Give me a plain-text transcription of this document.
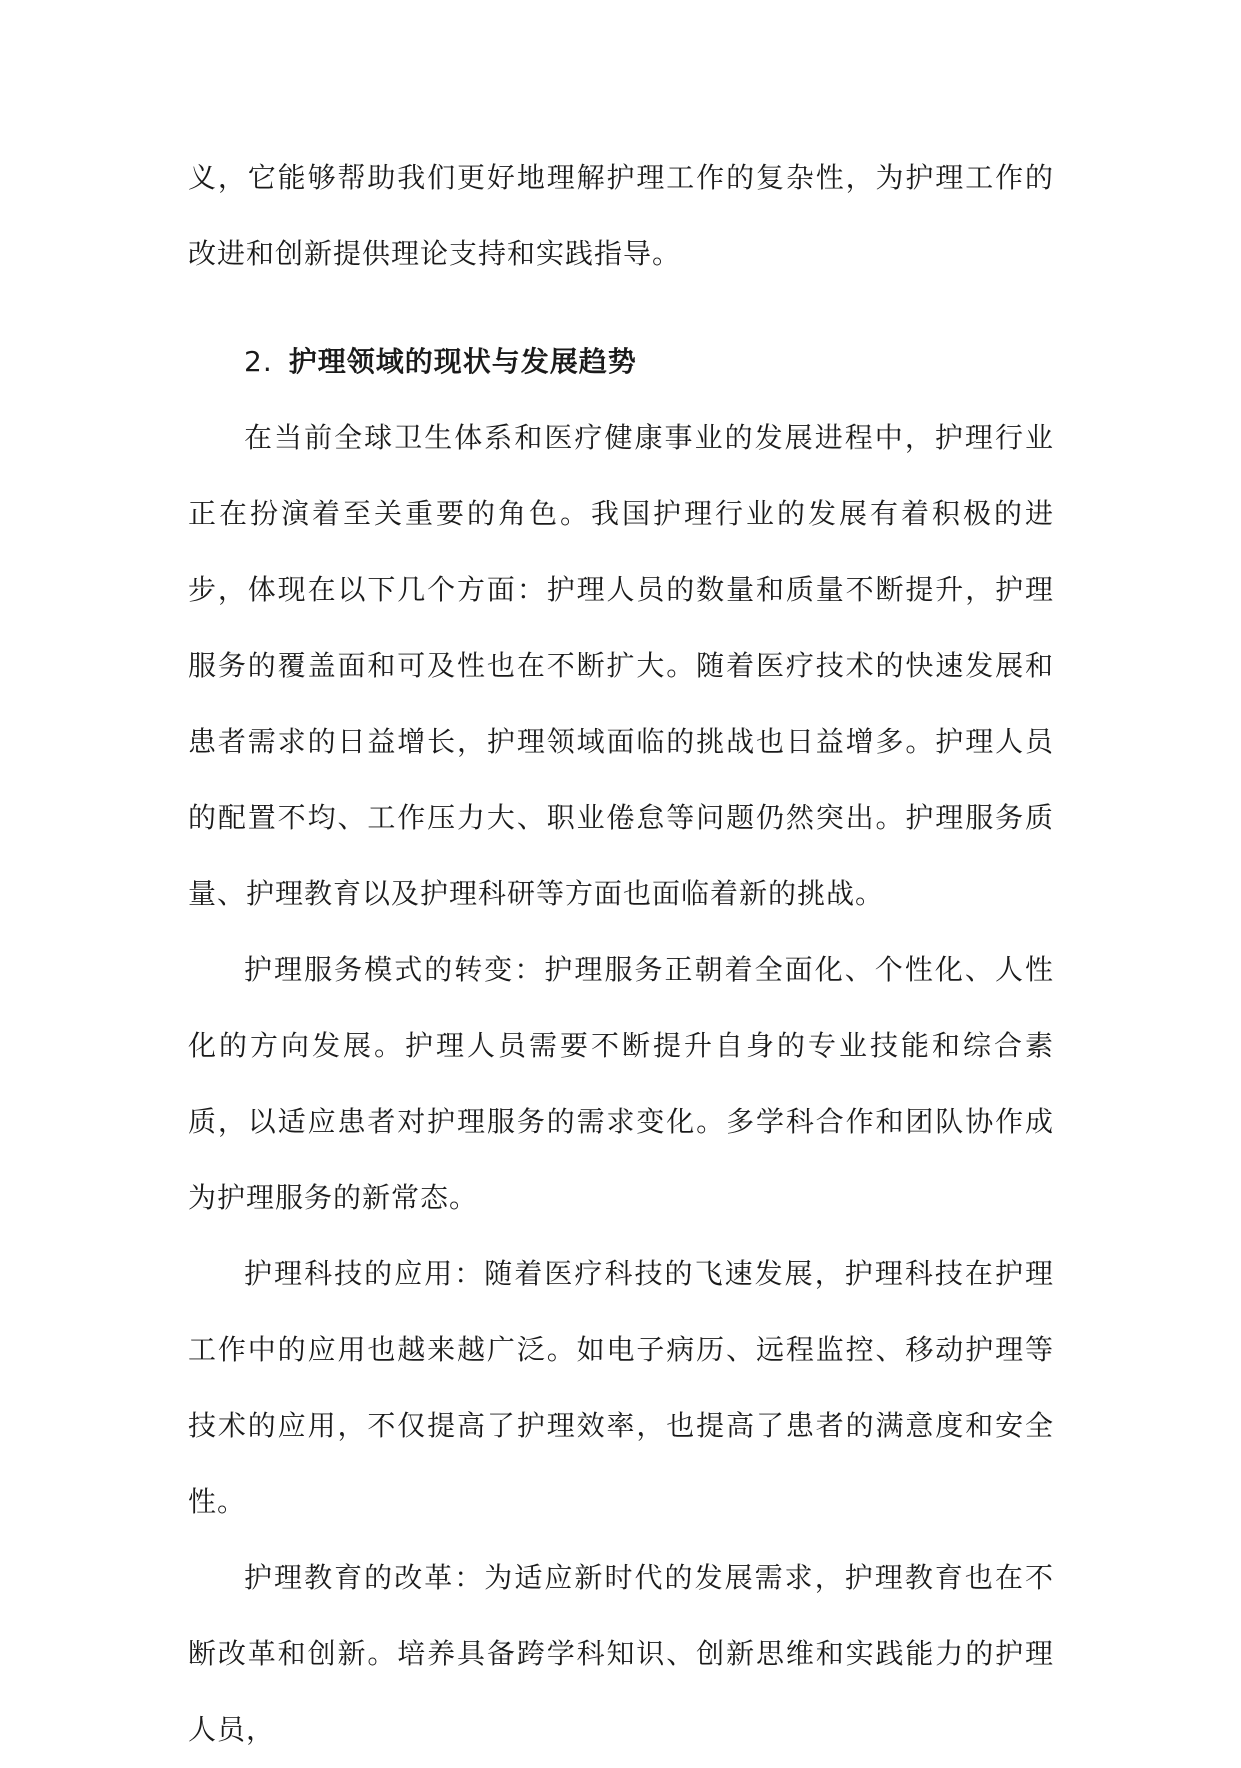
义，它能够帮助我们更好地理解护理工作的复杂性，为护理工作的改进和创新提供理论支持和实践指导。

2. 护理领域的现状与发展趋势

在当前全球卫生体系和医疗健康事业的发展进程中，护理行业正在扮演着至关重要的角色。我国护理行业的发展有着积极的进步，体现在以下几个方面：护理人员的数量和质量不断提升，护理服务的覆盖面和可及性也在不断扩大。随着医疗技术的快速发展和患者需求的日益增长，护理领域面临的挑战也日益增多。护理人员的配置不均、工作压力大、职业倦怠等问题仍然突出。护理服务质量、护理教育以及护理科研等方面也面临着新的挑战。

护理服务模式的转变：护理服务正朝着全面化、个性化、人性化的方向发展。护理人员需要不断提升自身的专业技能和综合素质，以适应患者对护理服务的需求变化。多学科合作和团队协作成为护理服务的新常态。

护理科技的应用：随着医疗科技的飞速发展，护理科技在护理工作中的应用也越来越广泛。如电子病历、远程监控、移动护理等技术的应用，不仅提高了护理效率，也提高了患者的满意度和安全性。

护理教育的改革：为适应新时代的发展需求，护理教育也在不断改革和创新。培养具备跨学科知识、创新思维和实践能力的护理人员，
